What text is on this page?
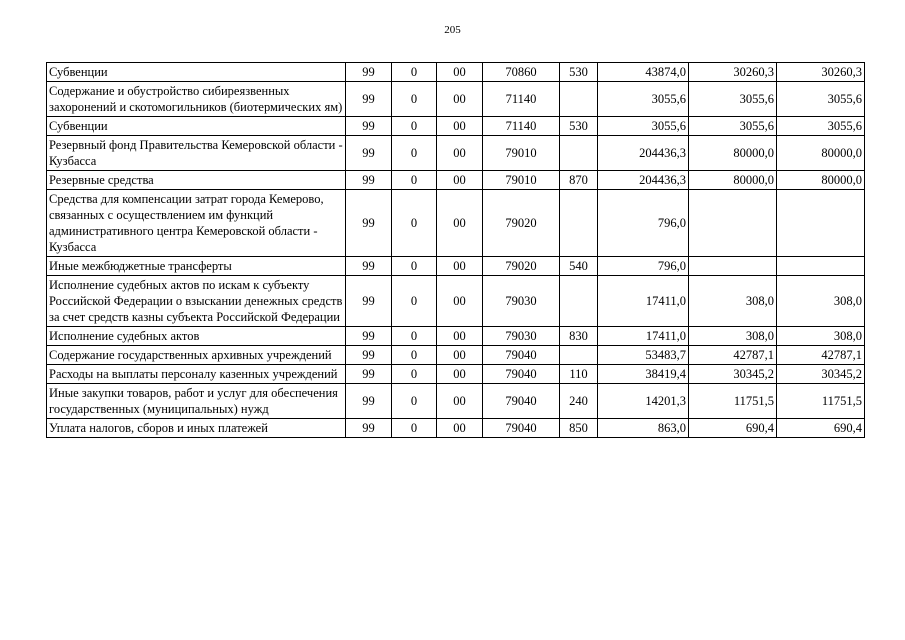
205
Субвенции	99	0	00	70860	530	43874,0	30260,3	30260,3
Содержание и обустройство сибиреязвенных захоронений и скотомогильников (биотермических ям)	99	0	00	71140		3055,6	3055,6	3055,6
Субвенции	99	0	00	71140	530	3055,6	3055,6	3055,6
Резервный фонд Правительства Кемеровской области - Кузбасса	99	0	00	79010		204436,3	80000,0	80000,0
Резервные средства	99	0	00	79010	870	204436,3	80000,0	80000,0
Средства для компенсации затрат города Кемерово, связанных с осуществлением им функций административного центра Кемеровской области - Кузбасса	99	0	00	79020		796,0		
Иные межбюджетные трансферты	99	0	00	79020	540	796,0		
Исполнение судебных актов по искам к субъекту Российской Федерации о взыскании денежных средств за счет средств казны субъекта Российской Федерации	99	0	00	79030		17411,0	308,0	308,0
Исполнение судебных актов	99	0	00	79030	830	17411,0	308,0	308,0
Содержание государственных архивных учреждений	99	0	00	79040		53483,7	42787,1	42787,1
Расходы на выплаты персоналу казенных учреждений	99	0	00	79040	110	38419,4	30345,2	30345,2
Иные закупки товаров, работ и услуг для обеспечения государственных (муниципальных) нужд	99	0	00	79040	240	14201,3	11751,5	11751,5
Уплата налогов, сборов и иных платежей	99	0	00	79040	850	863,0	690,4	690,4
